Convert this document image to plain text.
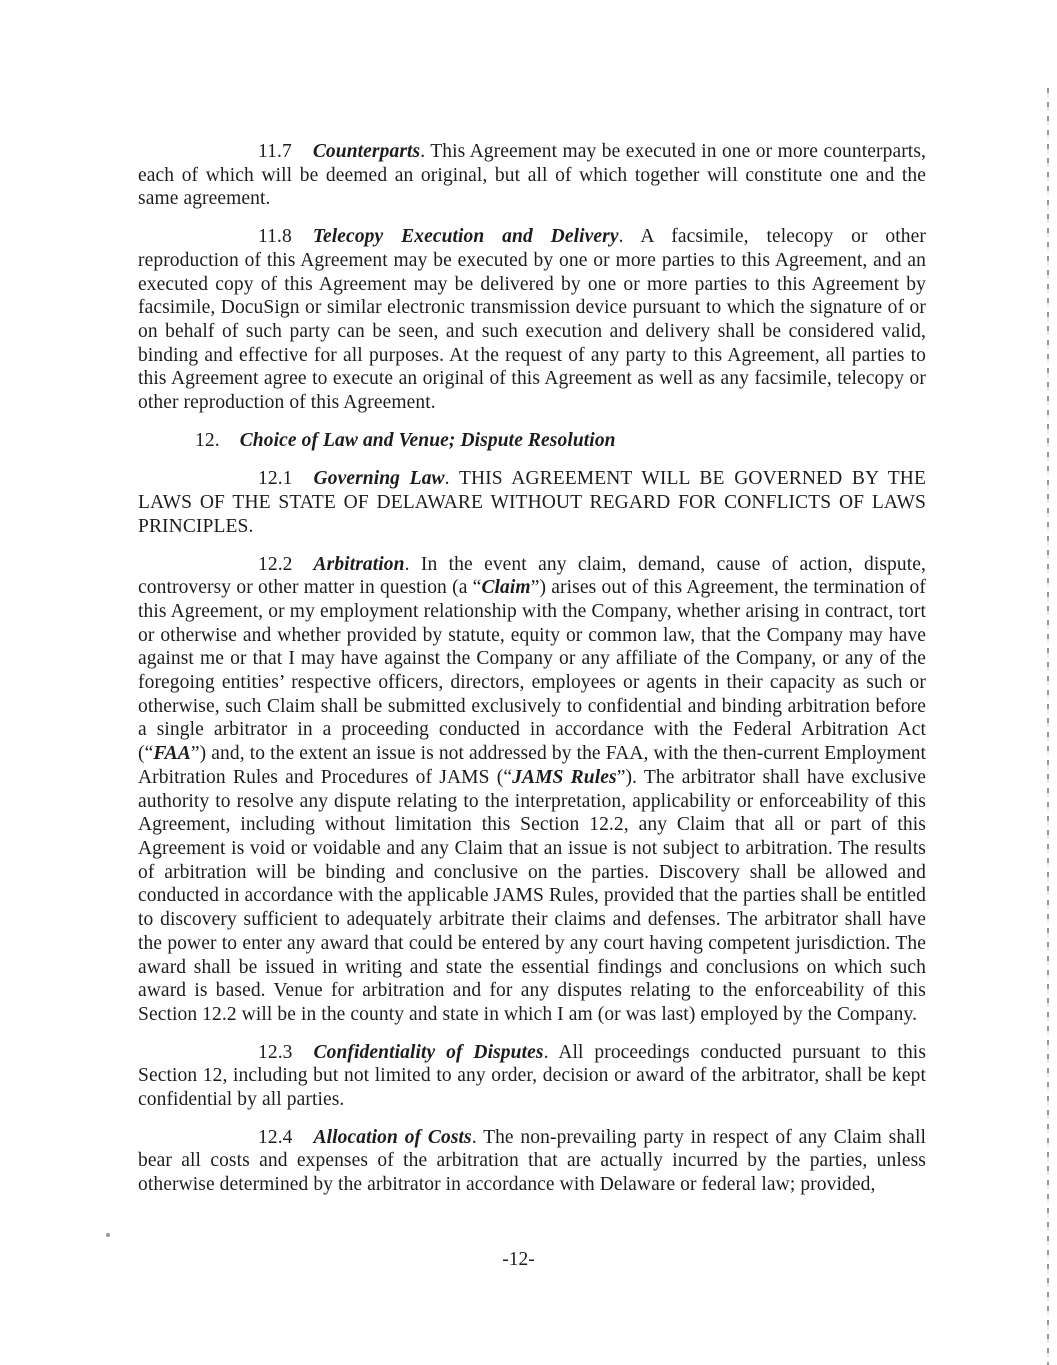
11.7 Counterparts. This Agreement may be executed in one or more counterparts, each of which will be deemed an original, but all of which together will constitute one and the same agreement.

11.8 Telecopy Execution and Delivery. A facsimile, telecopy or other reproduction of this Agreement may be executed by one or more parties to this Agreement, and an executed copy of this Agreement may be delivered by one or more parties to this Agreement by facsimile, DocuSign or similar electronic transmission device pursuant to which the signature of or on behalf of such party can be seen, and such execution and delivery shall be considered valid, binding and effective for all purposes. At the request of any party to this Agreement, all parties to this Agreement agree to execute an original of this Agreement as well as any facsimile, telecopy or other reproduction of this Agreement.

12. Choice of Law and Venue; Dispute Resolution

12.1 Governing Law. THIS AGREEMENT WILL BE GOVERNED BY THE LAWS OF THE STATE OF DELAWARE WITHOUT REGARD FOR CONFLICTS OF LAWS PRINCIPLES.

12.2 Arbitration. In the event any claim, demand, cause of action, dispute, controversy or other matter in question (a “Claim”) arises out of this Agreement, the termination of this Agreement, or my employment relationship with the Company, whether arising in contract, tort or otherwise and whether provided by statute, equity or common law, that the Company may have against me or that I may have against the Company or any affiliate of the Company, or any of the foregoing entities’ respective officers, directors, employees or agents in their capacity as such or otherwise, such Claim shall be submitted exclusively to confidential and binding arbitration before a single arbitrator in a proceeding conducted in accordance with the Federal Arbitration Act (“FAA”) and, to the extent an issue is not addressed by the FAA, with the then-current Employment Arbitration Rules and Procedures of JAMS (“JAMS Rules”). The arbitrator shall have exclusive authority to resolve any dispute relating to the interpretation, applicability or enforceability of this Agreement, including without limitation this Section 12.2, any Claim that all or part of this Agreement is void or voidable and any Claim that an issue is not subject to arbitration. The results of arbitration will be binding and conclusive on the parties. Discovery shall be allowed and conducted in accordance with the applicable JAMS Rules, provided that the parties shall be entitled to discovery sufficient to adequately arbitrate their claims and defenses. The arbitrator shall have the power to enter any award that could be entered by any court having competent jurisdiction. The award shall be issued in writing and state the essential findings and conclusions on which such award is based. Venue for arbitration and for any disputes relating to the enforceability of this Section 12.2 will be in the county and state in which I am (or was last) employed by the Company.

12.3 Confidentiality of Disputes. All proceedings conducted pursuant to this Section 12, including but not limited to any order, decision or award of the arbitrator, shall be kept confidential by all parties.

12.4 Allocation of Costs. The non-prevailing party in respect of any Claim shall bear all costs and expenses of the arbitration that are actually incurred by the parties, unless otherwise determined by the arbitrator in accordance with Delaware or federal law; provided,

-12-
